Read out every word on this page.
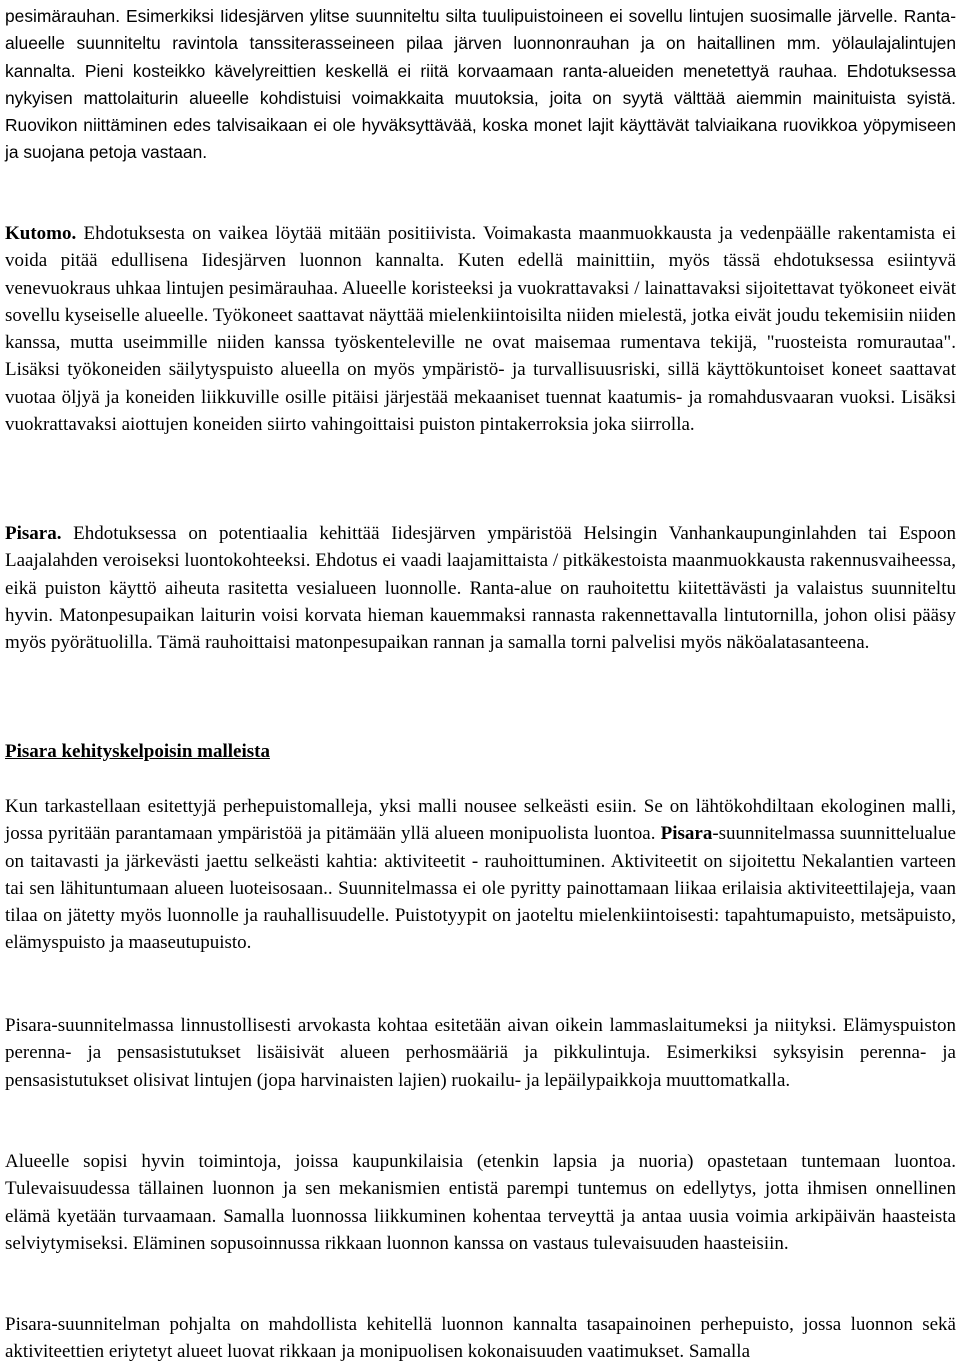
pesimärauhan. Esimerkiksi Iidesjärven ylitse suunniteltu silta tuulipuistoineen ei sovellu lintujen suosimalle järvelle. Ranta-alueelle suunniteltu ravintola tanssiterasseineen pilaa järven luonnonrauhan ja on haitallinen mm. yölaulajalintujen kannalta. Pieni kosteikko kävelyreittien keskellä ei riitä korvaamaan ranta-alueiden menetettyä rauhaa. Ehdotuksessa nykyisen mattolaiturin alueelle kohdistuisi voimakkaita muutoksia, joita on syytä välttää aiemmin mainituista syistä. Ruovikon niittäminen edes talvisaikaan ei ole hyväksyttävää, koska monet lajit käyttävät talviaikana ruovikkoa yöpymiseen ja suojana petoja vastaan.

Kutomo. Ehdotuksesta on vaikea löytää mitään positiivista. Voimakasta maanmuokkausta ja vedenpäälle rakentamista ei voida pitää edullisena Iidesjärven luonnon kannalta. Kuten edellä mainittiin, myös tässä ehdotuksessa esiintyvä venevuokraus uhkaa lintujen pesimärauhaa. Alueelle koristeeksi ja vuokrattavaksi / lainattavaksi sijoitettavat työkoneet eivät sovellu kyseiselle alueelle. Työkoneet saattavat näyttää mielenkiintoisilta niiden mielestä, jotka eivät joudu tekemisiin niiden kanssa, mutta useimmille niiden kanssa työskenteleville ne ovat maisemaa rumentava tekijä, "ruosteista romurautaa". Lisäksi työkoneiden säilytyspuisto alueella on myös ympäristö- ja turvallisuusriski, sillä käyttökuntoiset koneet saattavat vuotaa öljyä ja koneiden liikkuville osille pitäisi järjestää mekaaniset tuennat kaatumis- ja romahdusvaaran vuoksi. Lisäksi vuokrattavaksi aiottujen koneiden siirto vahingoittaisi puiston pintakerroksia joka siirrolla.

Pisara. Ehdotuksessa on potentiaalia kehittää Iidesjärven ympäristöä Helsingin Vanhankaupunginlahden tai Espoon Laajalahden veroiseksi luontokohteeksi. Ehdotus ei vaadi laajamittaista / pitkäkestoista maanmuokkausta rakennusvaiheessa, eikä puiston käyttö aiheuta rasitetta vesialueen luonnolle. Ranta-alue on rauhoitettu kiitettävästi ja valaistus suunniteltu hyvin. Matonpesupaikan laiturin voisi korvata hieman kauemmaksi rannasta rakennettavalla lintutornilla, johon olisi pääsy myös pyörätuolilla. Tämä rauhoittaisi matonpesupaikan rannan ja samalla torni palvelisi myös näköalatasanteena.

Pisara kehityskelpoisin malleista

Kun tarkastellaan esitettyjä perhepuistomalleja, yksi malli nousee selkeästi esiin. Se on lähtökohdiltaan ekologinen malli, jossa pyritään parantamaan ympäristöä ja pitämään yllä alueen monipuolista luontoa. Pisara-suunnitelmassa suunnittelualue on taitavasti ja järkevästi jaettu selkeästi kahtia: aktiviteetit - rauhoittuminen. Aktiviteetit on sijoitettu Nekalantien varteen tai sen lähituntumaan alueen luoteisosaan.. Suunnitelmassa ei ole pyritty painottamaan liikaa erilaisia aktiviteettilajeja, vaan tilaa on jätetty myös luonnolle ja rauhallisuudelle. Puistotyypit on jaoteltu mielenkiintoisesti: tapahtumapuisto, metsäpuisto, elämyspuisto ja maaseutupuisto.

Pisara-suunnitelmassa linnustollisesti arvokasta kohtaa esitetään aivan oikein lammaslaitumeksi ja niityksi. Elämyspuiston perenna- ja pensasistutukset lisäisivät alueen perhosmääriä ja pikkulintuja. Esimerkiksi syksyisin perenna- ja pensasistutukset olisivat lintujen (jopa harvinaisten lajien) ruokailu- ja lepäilypaikkoja muuttomatkalla.

Alueelle sopisi hyvin toimintoja, joissa kaupunkilaisia (etenkin lapsia ja nuoria) opastetaan tuntemaan luontoa. Tulevaisuudessa tällainen luonnon ja sen mekanismien entistä parempi tuntemus on edellytys, jotta ihmisen onnellinen elämä kyetään turvaamaan. Samalla luonnossa liikkuminen kohentaa terveyttä ja antaa uusia voimia arkipäivän haasteista selviytymiseksi. Eläminen sopusoinnussa rikkaan luonnon kanssa on vastaus tulevaisuuden haasteisiin.

Pisara-suunnitelman pohjalta on mahdollista kehitellä luonnon kannalta tasapainoinen perhepuisto, jossa luonnon sekä aktiviteettien eriytetyt alueet luovat rikkaan ja monipuolisen kokonaisuuden vaatimukset. Samalla
